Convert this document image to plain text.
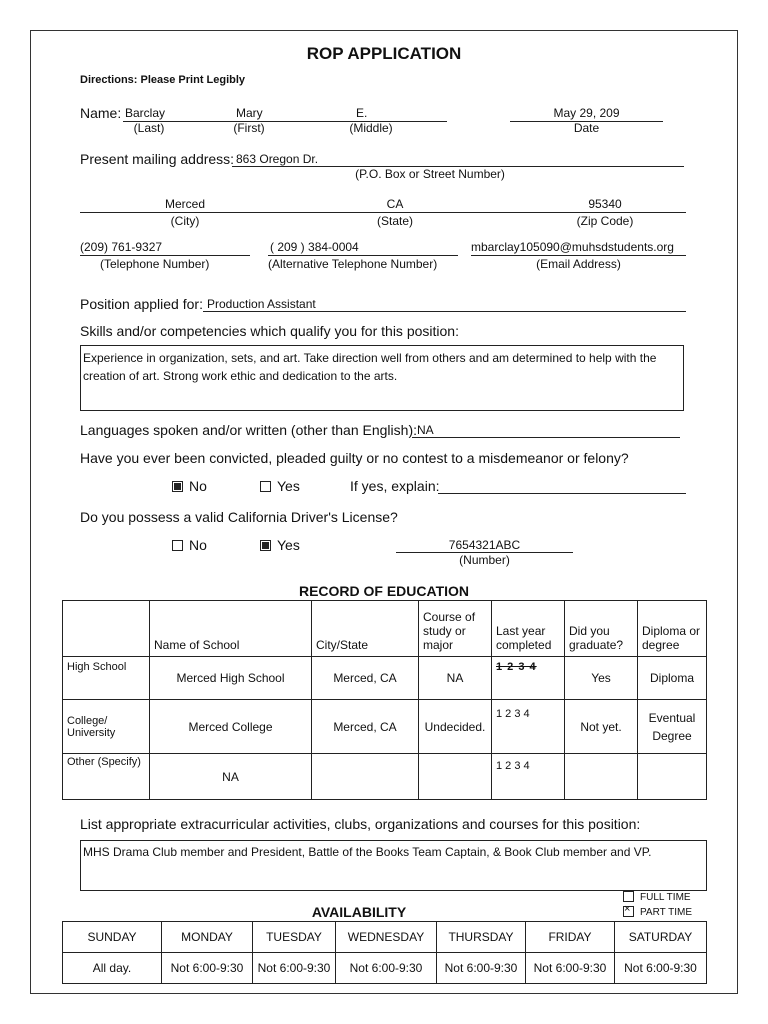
ROP APPLICATION
Directions: Please Print Legibly
Name: Barclay	Mary	E.
(Last)	(First)	(Middle)
May 29, 209
Date
Present mailing address: 863 Oregon Dr.
(P.O. Box or Street Number)
Merced	CA	95340
(City)	(State)	(Zip Code)
(209) 761-9327
(Telephone Number)
( 209 ) 384-0004
(Alternative Telephone Number)
mbarclay105090@muhsdstudents.org
(Email Address)
Position applied for: Production Assistant
Skills and/or competencies which qualify you for this position:
Experience in organization, sets, and art. Take direction well from others and am determined to help with the creation of art. Strong work ethic and dedication to the arts.
Languages spoken and/or written (other than English): NA
Have you ever been convicted, pleaded guilty or no contest to a misdemeanor or felony?
No	Yes	If yes, explain:
Do you possess a valid California Driver's License?
No	Yes	7654321ABC
(Number)
RECORD OF EDUCATION
	Name of School	City/State	Course of study or major	Last year completed	Did you graduate?	Diploma or degree
High School	Merced High School	Merced, CA	NA	1 2 3 4	Yes	Diploma
College/ University	Merced College	Merced, CA	Undecided.	1 2 3 4	Not yet.	Eventual Degree
Other (Specify)	NA			1 2 3 4		
List appropriate extracurricular activities, clubs, organizations and courses for this position:
MHS Drama Club member and President, Battle of the Books Team Captain, & Book Club member and VP.
FULL TIME
×PART TIME
AVAILABILITY
SUNDAY	MONDAY	TUESDAY	WEDNESDAY	THURSDAY	FRIDAY	SATURDAY
All day.	Not 6:00-9:30	Not 6:00-9:30	Not 6:00-9:30	Not 6:00-9:30	Not 6:00-9:30	Not 6:00-9:30
